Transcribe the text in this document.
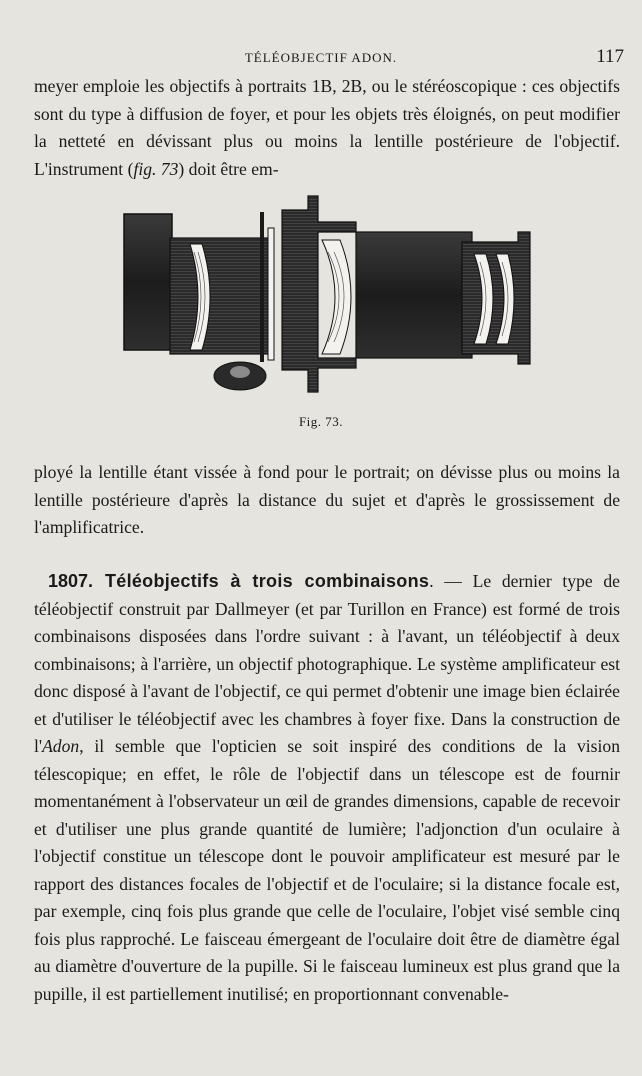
TÉLÉOBJECTIF ADON.	117

meyer emploie les objectifs à portraits 1B, 2B, ou le stéréoscopique : ces objectifs sont du type à diffusion de foyer, et pour les objets très éloignés, on peut modifier la netteté en dévissant plus ou moins la lentille postérieure de l'objectif. L'instrument (fig. 73) doit être em-

Fig. 73.

ployé la lentille étant vissée à fond pour le portrait; on dévisse plus ou moins la lentille postérieure d'après la distance du sujet et d'après le grossissement de l'amplificatrice.

1807. Téléobjectifs à trois combinaisons. — Le dernier type de téléobjectif construit par Dallmeyer (et par Turillon en France) est formé de trois combinaisons disposées dans l'ordre suivant : à l'avant, un téléobjectif à deux combinaisons; à l'arrière, un objectif photographique. Le système amplificateur est donc disposé à l'avant de l'objectif, ce qui permet d'obtenir une image bien éclairée et d'utiliser le téléobjectif avec les chambres à foyer fixe. Dans la construction de l'Adon, il semble que l'opticien se soit inspiré des conditions de la vision télescopique; en effet, le rôle de l'objectif dans un télescope est de fournir momentanément à l'observateur un œil de grandes dimensions, capable de recevoir et d'utiliser une plus grande quantité de lumière; l'adjonction d'un oculaire à l'objectif constitue un télescope dont le pouvoir amplificateur est mesuré par le rapport des distances focales de l'objectif et de l'oculaire; si la distance focale est, par exemple, cinq fois plus grande que celle de l'oculaire, l'objet visé semble cinq fois plus rapproché. Le faisceau émergeant de l'oculaire doit être de diamètre égal au diamètre d'ouverture de la pupille. Si le faisceau lumineux est plus grand que la pupille, il est partiellement inutilisé; en proportionnant convenable-
